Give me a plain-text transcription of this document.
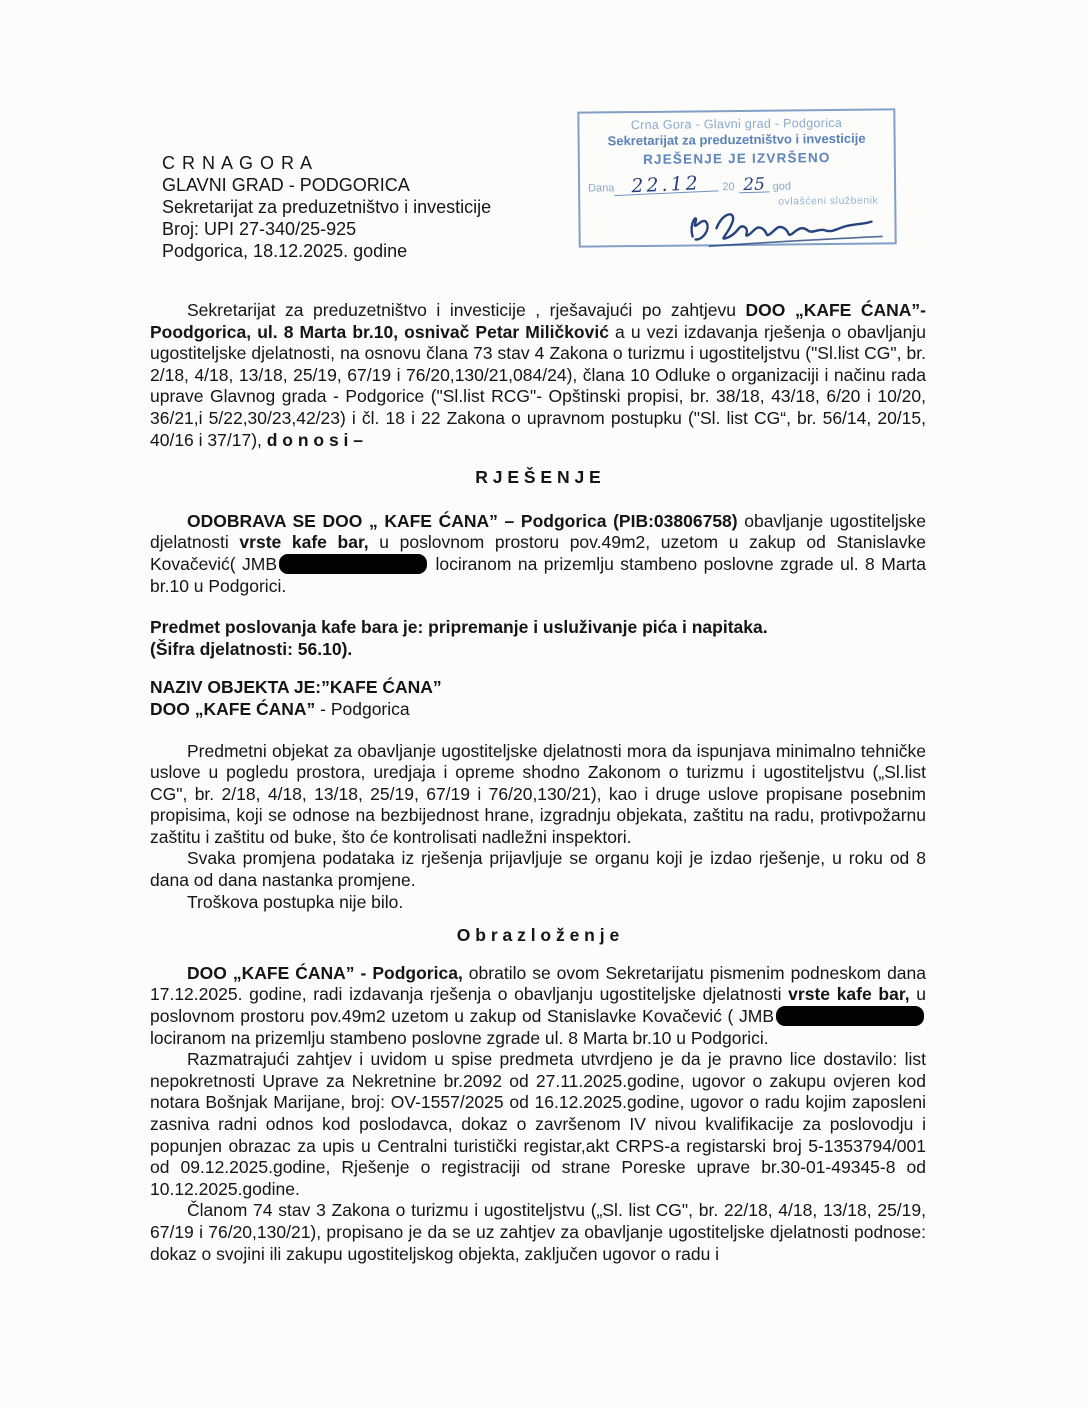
C R N A G O R A
GLAVNI GRAD - PODGORICA
Sekretarijat za preduzetništvo i investicije
Broj: UPI 27-340/25-925
Podgorica, 18.12.2025. godine
Crna Gora - Glavni grad - Podgorica
Sekretarijat za preduzetništvo i investicije
RJEŠENJE JE IZVRŠENO
Dana 22.12	20 25 god
ovlašćeni službenik

Sekretarijat za preduzetništvo i investicije , rješavajući po zahtjevu DOO „KAFE ĆANA”- Poodgorica, ul. 8 Marta br.10, osnivač Petar Miličković a u vezi izdavanja rješenja o obavljanju ugostiteljske djelatnosti, na osnovu člana 73 stav 4 Zakona o turizmu i ugostiteljstvu ("Sl.list CG", br. 2/18, 4/18, 13/18, 25/19, 67/19 i 76/20,130/21,084/24), člana 10 Odluke o organizaciji i načinu rada uprave Glavnog grada - Podgorice ("Sl.list RCG"- Opštinski propisi, br. 38/18, 43/18, 6/20 i 10/20, 36/21,i 5/22,30/23,42/23) i čl. 18 i 22 Zakona o upravnom postupku ("Sl. list CG“, br. 56/14, 20/15, 40/16 i 37/17), d o n o s i –

R J E Š E N J E

ODOBRAVA SE DOO „ KAFE ĆANA” – Podgorica (PIB:03806758) obavljanje ugostiteljske djelatnosti vrste kafe bar, u poslovnom prostoru pov.49m2, uzetom u zakup od Stanislavke Kovačević( JMB	lociranom na prizemlju stambeno poslovne zgrade ul. 8 Marta br.10 u Podgorici.

Predmet poslovanja kafe bara je: pripremanje i usluživanje pića i napitaka.
(Šifra djelatnosti: 56.10).

NAZIV OBJEKTA JE:”KAFE ĆANA”
DOO „KAFE ĆANA” - Podgorica

Predmetni objekat za obavljanje ugostiteljske djelatnosti mora da ispunjava minimalno tehničke uslove u pogledu prostora, uredjaja i opreme shodno Zakonom o turizmu i ugostiteljstvu („Sl.list CG", br. 2/18, 4/18, 13/18, 25/19, 67/19 i 76/20,130/21), kao i druge uslove propisane posebnim propisima, koji se odnose na bezbijednost hrane, izgradnju objekata, zaštitu na radu, protivpožarnu zaštitu i zaštitu od buke, što će kontrolisati nadležni inspektori.

Svaka promjena podataka iz rješenja prijavljuje se organu koji je izdao rješenje, u roku od 8 dana od dana nastanka promjene.

Troškova postupka nije bilo.

O b r a z l o ž e n j e

DOO „KAFE ĆANA” - Podgorica, obratilo se ovom Sekretarijatu pismenim podneskom dana 17.12.2025. godine, radi izdavanja rješenja o obavljanju ugostiteljske djelatnosti vrste kafe bar, u poslovnom prostoru pov.49m2 uzetom u zakup od Stanislavke Kovačević ( JMBlociranom na prizemlju stambeno poslovne zgrade ul. 8 Marta br.10 u Podgorici.

Razmatrajući zahtjev i uvidom u spise predmeta utvrdjeno je da je pravno lice dostavilo: list nepokretnosti Uprave za Nekretnine br.2092 od 27.11.2025.godine, ugovor o zakupu ovjeren kod notara Bošnjak Marijane, broj: OV-1557/2025 od 16.12.2025.godine, ugovor o radu kojim zaposleni zasniva radni odnos kod poslodavca, dokaz o završenom IV nivou kvalifikacije za poslovodju i popunjen obrazac za upis u Centralni turistički registar,akt CRPS-a registarski broj 5-1353794/001 od 09.12.2025.godine, Rješenje o registraciji od strane Poreske uprave br.30-01-49345-8 od 10.12.2025.godine.

Članom 74 stav 3 Zakona o turizmu i ugostiteljstvu („Sl. list CG", br. 22/18, 4/18, 13/18, 25/19, 67/19 i 76/20,130/21), propisano je da se uz zahtjev za obavljanje ugostiteljske djelatnosti podnose: dokaz o svojini ili zakupu ugostiteljskog objekta, zaključen ugovor o radu i
